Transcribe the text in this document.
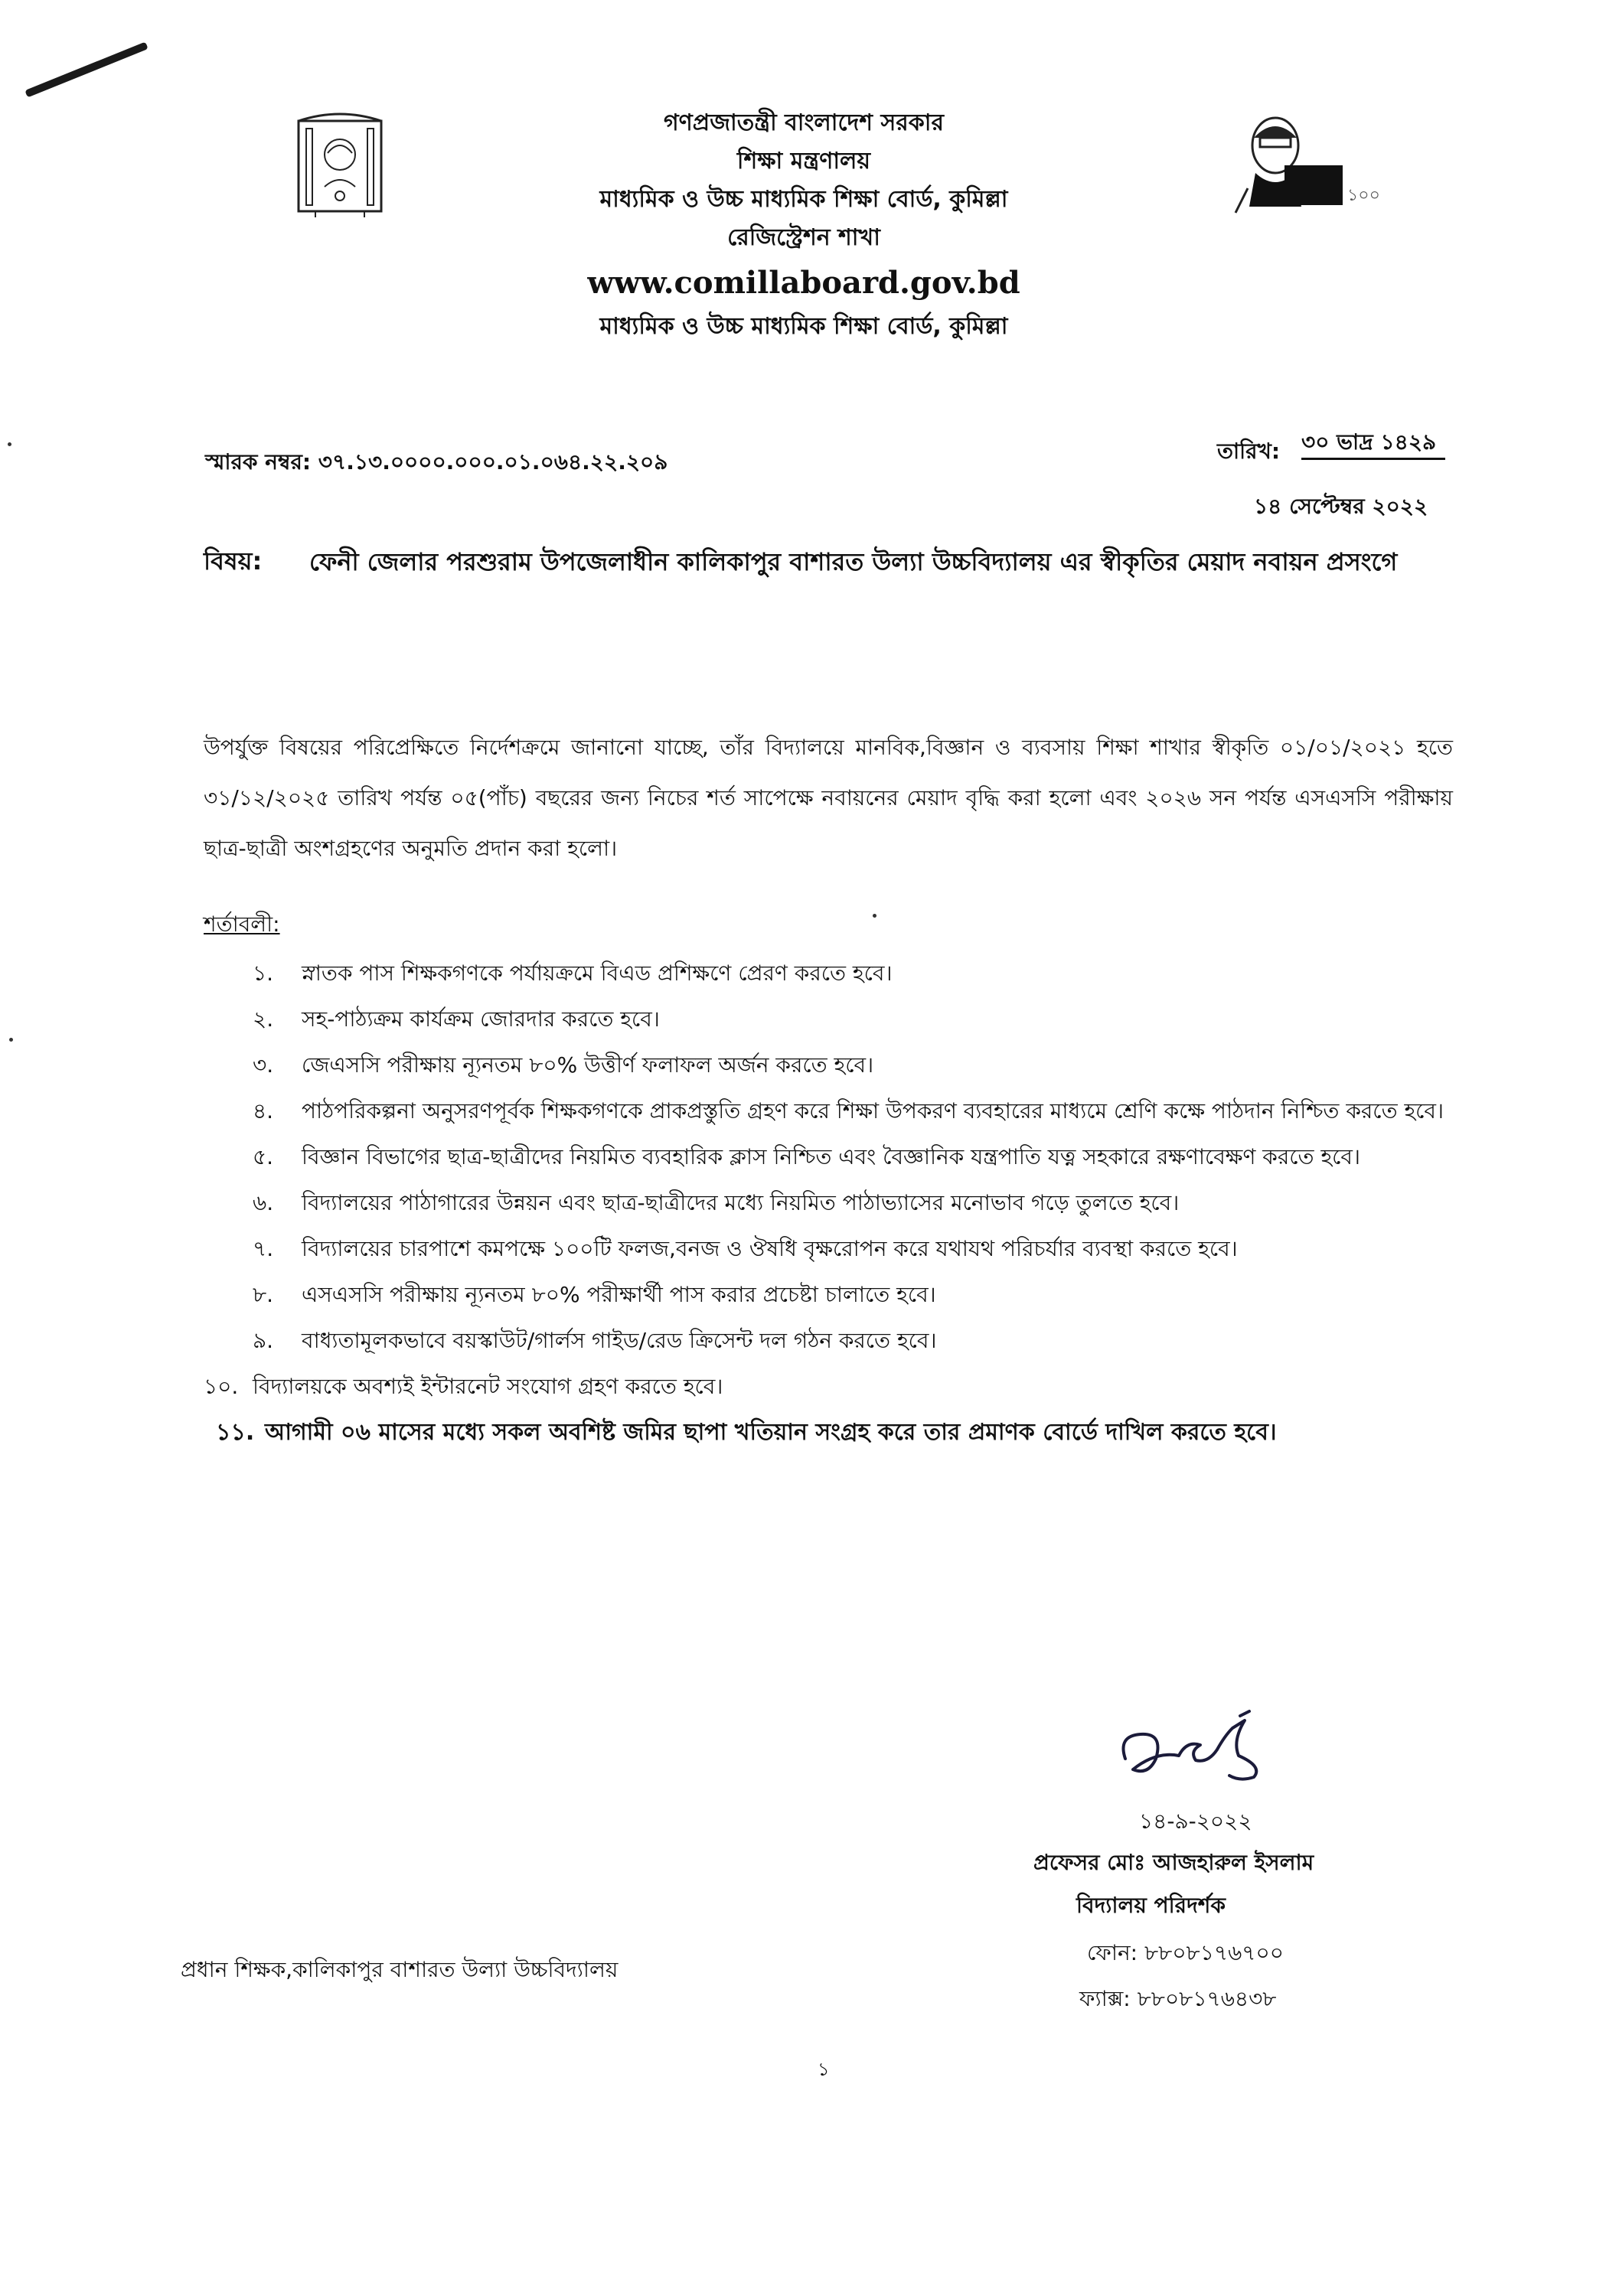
১০০
গণপ্রজাতন্ত্রী বাংলাদেশ সরকার
শিক্ষা মন্ত্রণালয়
মাধ্যমিক ও উচ্চ মাধ্যমিক শিক্ষা বোর্ড, কুমিল্লা
রেজিস্ট্রেশন শাখা
www.comillaboard.gov.bd
মাধ্যমিক ও উচ্চ মাধ্যমিক শিক্ষা বোর্ড, কুমিল্লা
স্মারক নম্বর: ৩৭.১৩.০০০০.০০০.০১.০৬৪.২২.২০৯	তারিখ: ৩০ ভাদ্র ১৪২৯
১৪ সেপ্টেম্বর ২০২২
বিষয়: ফেনী জেলার পরশুরাম উপজেলাধীন কালিকাপুর বাশারত উল্যা উচ্চবিদ্যালয় এর স্বীকৃতির মেয়াদ নবায়ন প্রসংগে
উপর্যুক্ত বিষয়ের পরিপ্রেক্ষিতে নির্দেশক্রমে জানানো যাচ্ছে, তাঁর বিদ্যালয়ে মানবিক,বিজ্ঞান ও ব্যবসায় শিক্ষা শাখার স্বীকৃতি ০১/০১/২০২১ হতে ৩১/১২/২০২৫ তারিখ পর্যন্ত ০৫(পাঁচ) বছরের জন্য নিচের শর্ত সাপেক্ষে নবায়নের মেয়াদ বৃদ্ধি করা হলো এবং ২০২৬ সন পর্যন্ত এসএসসি পরীক্ষায় ছাত্র-ছাত্রী অংশগ্রহণের অনুমতি প্রদান করা হলো।
শর্তাবলী:
১.	স্নাতক পাস শিক্ষকগণকে পর্যায়ক্রমে বিএড প্রশিক্ষণে প্রেরণ করতে হবে।
২.	সহ-পাঠ্যক্রম কার্যক্রম জোরদার করতে হবে।
৩.	জেএসসি পরীক্ষায় ন্যূনতম ৮০% উত্তীর্ণ ফলাফল অর্জন করতে হবে।
৪.	পাঠপরিকল্পনা অনুসরণপূর্বক শিক্ষকগণকে প্রাকপ্রস্তুতি গ্রহণ করে শিক্ষা উপকরণ ব্যবহারের মাধ্যমে শ্রেণি কক্ষে পাঠদান নিশ্চিত করতে হবে।
৫.	বিজ্ঞান বিভাগের ছাত্র-ছাত্রীদের নিয়মিত ব্যবহারিক ক্লাস নিশ্চিত এবং বৈজ্ঞানিক যন্ত্রপাতি যত্ন সহকারে রক্ষণাবেক্ষণ করতে হবে।
৬.	বিদ্যালয়ের পাঠাগারের উন্নয়ন এবং ছাত্র-ছাত্রীদের মধ্যে নিয়মিত পাঠাভ্যাসের মনোভাব গড়ে তুলতে হবে।
৭.	বিদ্যালয়ের চারপাশে কমপক্ষে ১০০টি ফলজ,বনজ ও ঔষধি বৃক্ষরোপন করে যথাযথ পরিচর্যার ব্যবস্থা করতে হবে।
৮.	এসএসসি পরীক্ষায় ন্যূনতম ৮০% পরীক্ষার্থী পাস করার প্রচেষ্টা চালাতে হবে।
৯.	বাধ্যতামূলকভাবে বয়স্কাউট/গার্লস গাইড/রেড ক্রিসেন্ট দল গঠন করতে হবে।
১০. বিদ্যালয়কে অবশ্যই ইন্টারনেট সংযোগ গ্রহণ করতে হবে।
১১. আগামী ০৬ মাসের মধ্যে সকল অবশিষ্ট জমির ছাপা খতিয়ান সংগ্রহ করে তার প্রমাণক বোর্ডে দাখিল করতে হবে।
১৪-৯-২০২২
প্রফেসর মোঃ আজহারুল ইসলাম
বিদ্যালয় পরিদর্শক
ফোন: ৮৮০৮১৭৬৭০০
ফ্যাক্স: ৮৮০৮১৭৬৪৩৮
প্রধান শিক্ষক,কালিকাপুর বাশারত উল্যা উচ্চবিদ্যালয়
১
